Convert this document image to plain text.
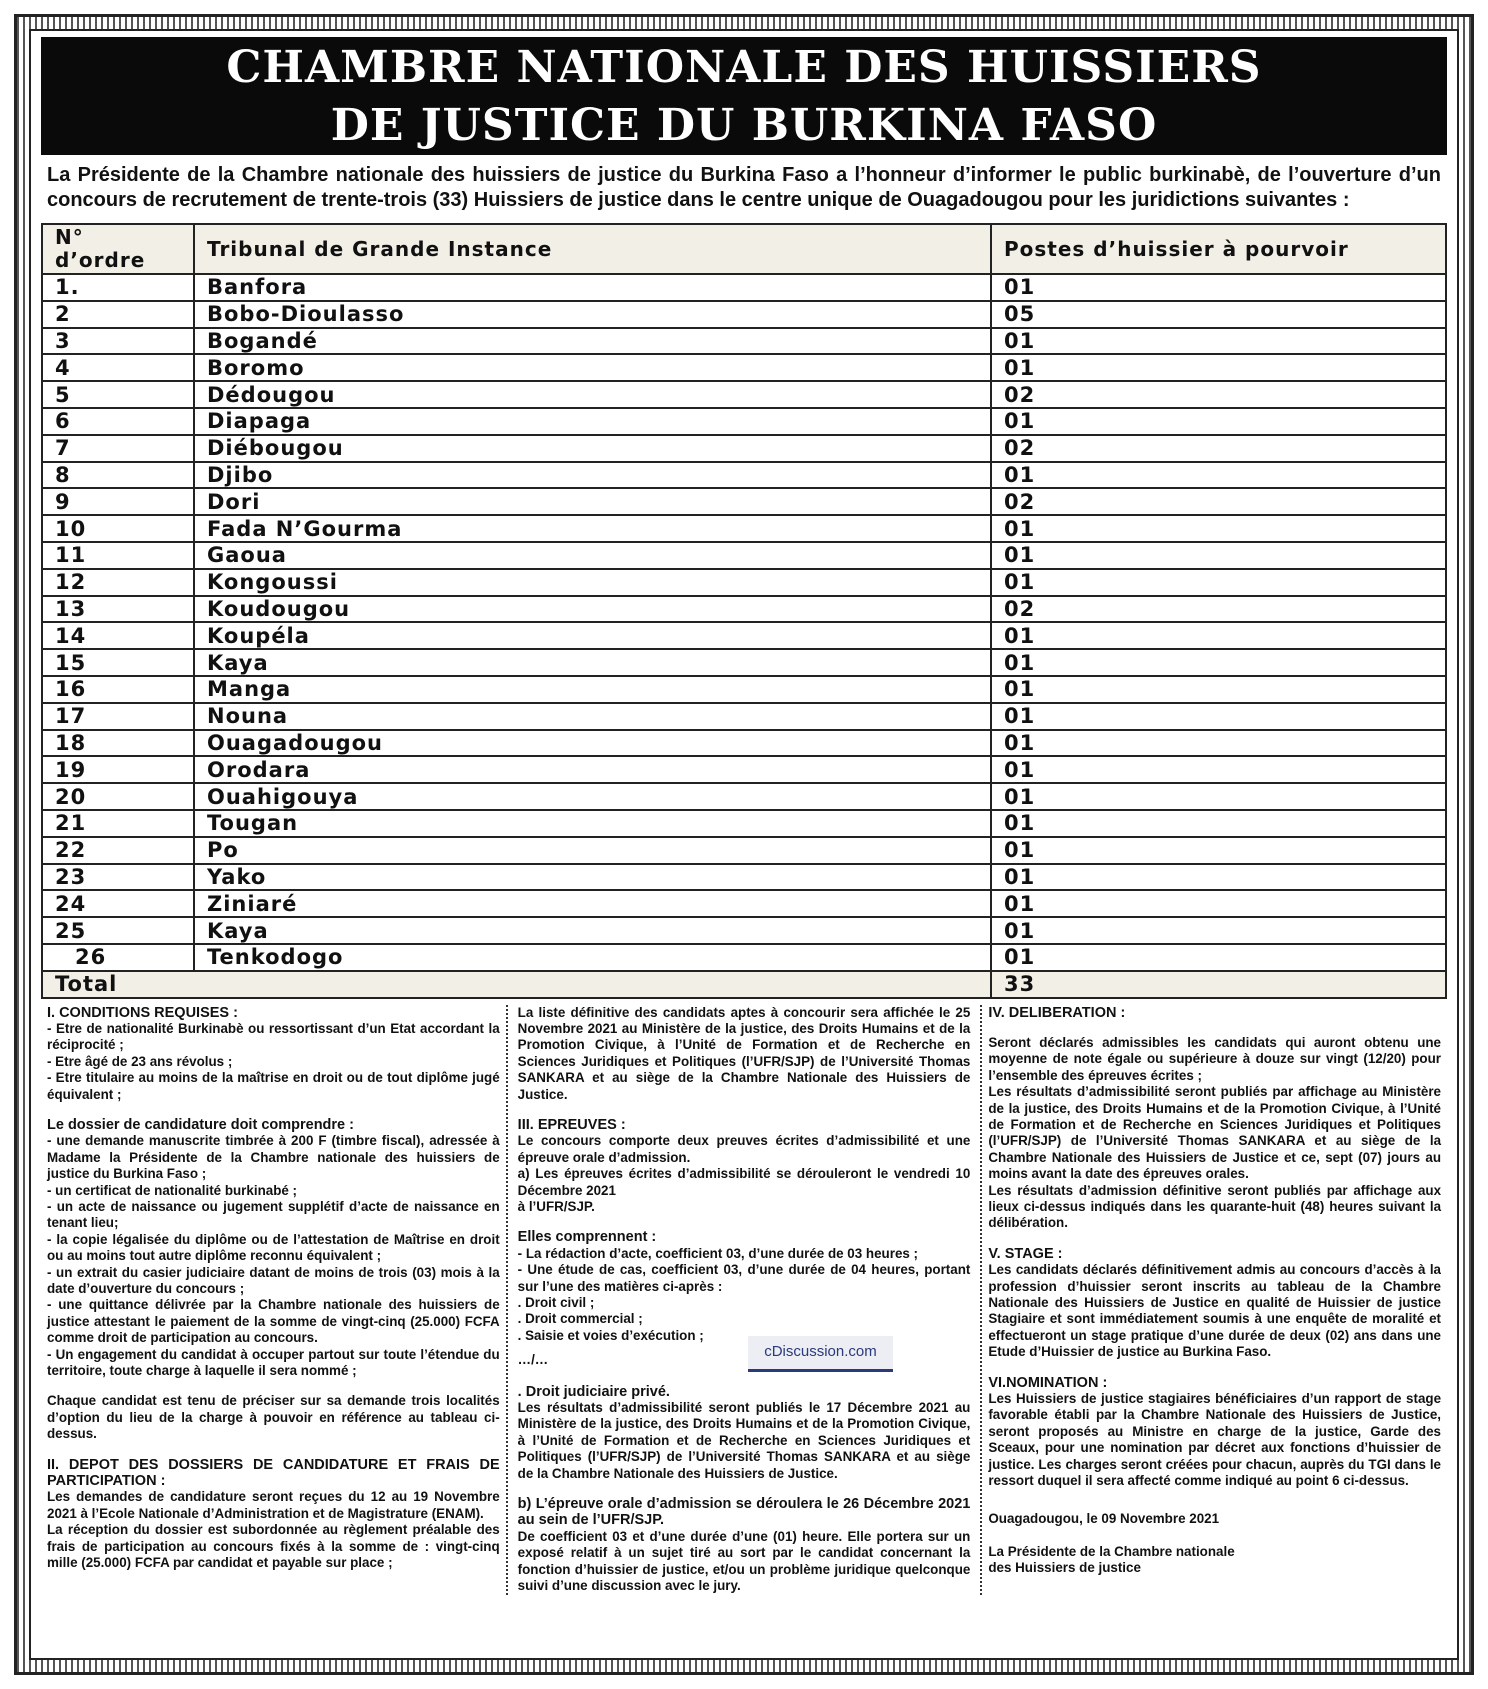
CHAMBRE NATIONALE DES HUISSIERS
DE JUSTICE DU BURKINA FASO

La Présidente de la Chambre nationale des huissiers de justice du Burkina Faso a l’honneur d’informer le public burkinabè, de l’ouverture d’un concours de recrutement de trente-trois (33) Huissiers de justice dans le centre unique de Ouagadougou pour les juridictions suivantes :

N° d’ordre	Tribunal de Grande Instance	Postes d’huissier à pourvoir
1.	Banfora	01
2	Bobo-Dioulasso	05
3	Bogandé	01
4	Boromo	01
5	Dédougou	02
6	Diapaga	01
7	Diébougou	02
8	Djibo	01
9	Dori	02
10	Fada N’Gourma	01
11	Gaoua	01
12	Kongoussi	01
13	Koudougou	02
14	Koupéla	01
15	Kaya	01
16	Manga	01
17	Nouna	01
18	Ouagadougou	01
19	Orodara	01
20	Ouahigouya	01
21	Tougan	01
22	Po	01
23	Yako	01
24	Ziniaré	01
25	Kaya	01
26	Tenkodogo	01
Total		33

I. CONDITIONS REQUISES :

- Etre de nationalité Burkinabè ou ressortissant d’un Etat accordant la réciprocité ;

- Etre âgé de 23 ans révolus ;

- Etre titulaire au moins de la maîtrise en droit ou de tout diplôme jugé équivalent ;

Le dossier de candidature doit comprendre :

- une demande manuscrite timbrée à 200 F (timbre fiscal), adressée à Madame la Présidente de la Chambre nationale des huissiers de justice du Burkina Faso ;

- un certificat de nationalité burkinabé ;

- un acte de naissance ou jugement supplétif d’acte de naissance en tenant lieu;

- la copie légalisée du diplôme ou de l’attestation de Maîtrise en droit ou au moins tout autre diplôme reconnu équivalent ;

- un extrait du casier judiciaire datant de moins de trois (03) mois à la date d’ouverture du concours ;

- une quittance délivrée par la Chambre nationale des huissiers de justice attestant le paiement de la somme de vingt-cinq (25.000) FCFA comme droit de participation au concours.

- Un engagement du candidat à occuper partout sur toute l’étendue du territoire, toute charge à laquelle il sera nommé ;

Chaque candidat est tenu de préciser sur sa demande trois localités d’option du lieu de la charge à pouvoir en référence au tableau ci-dessus.

II. DEPOT DES DOSSIERS DE CANDIDATURE ET FRAIS DE PARTICIPATION :

Les demandes de candidature seront reçues du 12 au 19 Novembre 2021 à l’Ecole Nationale d’Administration et de Magistrature (ENAM).

La réception du dossier est subordonnée au règlement préalable des frais de participation au concours fixés à la somme de : vingt-cinq mille (25.000) FCFA par candidat et payable sur place ;

La liste définitive des candidats aptes à concourir sera affichée le 25 Novembre 2021 au Ministère de la justice, des Droits Humains et de la Promotion Civique, à l’Unité de Formation et de Recherche en Sciences Juridiques et Politiques (l’UFR/SJP) de l’Université Thomas SANKARA et au siège de la Chambre Nationale des Huissiers de Justice.

III. EPREUVES :

Le concours comporte deux preuves écrites d’admissibilité et une épreuve orale d’admission.

a) Les épreuves écrites d’admissibilité se dérouleront le vendredi 10 Décembre 2021

à l’UFR/SJP.

Elles comprennent :

- La rédaction d’acte, coefficient 03, d’une durée de 03 heures ;

- Une étude de cas, coefficient 03, d’une durée de 04 heures, portant sur l’une des matières ci-après :

. Droit civil ;

. Droit commercial ;

. Saisie et voies d’exécution ;

…/…	cDiscussion.com

. Droit judiciaire privé.

Les résultats d’admissibilité seront publiés le 17 Décembre 2021 au Ministère de la justice, des Droits Humains et de la Promotion Civique, à l’Unité de Formation et de Recherche en Sciences Juridiques et Politiques (l’UFR/SJP) de l’Université Thomas SANKARA et au siège de la Chambre Nationale des Huissiers de Justice.

b) L’épreuve orale d’admission se déroulera le 26 Décembre 2021 au sein de l’UFR/SJP.

De coefficient 03 et d’une durée d’une (01) heure. Elle portera sur un exposé relatif à un sujet tiré au sort par le candidat concernant la fonction d’huissier de justice, et/ou un problème juridique quelconque suivi d’une discussion avec le jury.

IV. DELIBERATION :

Seront déclarés admissibles les candidats qui auront obtenu une moyenne de note égale ou supérieure à douze sur vingt (12/20) pour l’ensemble des épreuves écrites ;

Les résultats d’admissibilité seront publiés par affichage au Ministère de la justice, des Droits Humains et de la Promotion Civique, à l’Unité de Formation et de Recherche en Sciences Juridiques et Politiques (l’UFR/SJP) de l’Université Thomas SANKARA et au siège de la Chambre Nationale des Huissiers de Justice et ce, sept (07) jours au moins avant la date des épreuves orales.

Les résultats d’admission définitive seront publiés par affichage aux lieux ci-dessus indiqués dans les quarante-huit (48) heures suivant la délibération.

V. STAGE :

Les candidats déclarés définitivement admis au concours d’accès à la profession d’huissier seront inscrits au tableau de la Chambre Nationale des Huissiers de Justice en qualité de Huissier de justice Stagiaire et sont immédiatement soumis à une enquête de moralité et effectueront un stage pratique d’une durée de deux (02) ans dans une Etude d’Huissier de justice au Burkina Faso.

VI.NOMINATION :

Les Huissiers de justice stagiaires bénéficiaires d’un rapport de stage favorable établi par la Chambre Nationale des Huissiers de Justice, seront proposés au Ministre en charge de la justice, Garde des Sceaux, pour une nomination par décret aux fonctions d’huissier de justice. Les charges seront créées pour chacun, auprès du TGI dans le ressort duquel il sera affecté comme indiqué au point 6 ci-dessus.

Ouagadougou, le 09 Novembre 2021

La Présidente de la Chambre nationale

des Huissiers de justice
